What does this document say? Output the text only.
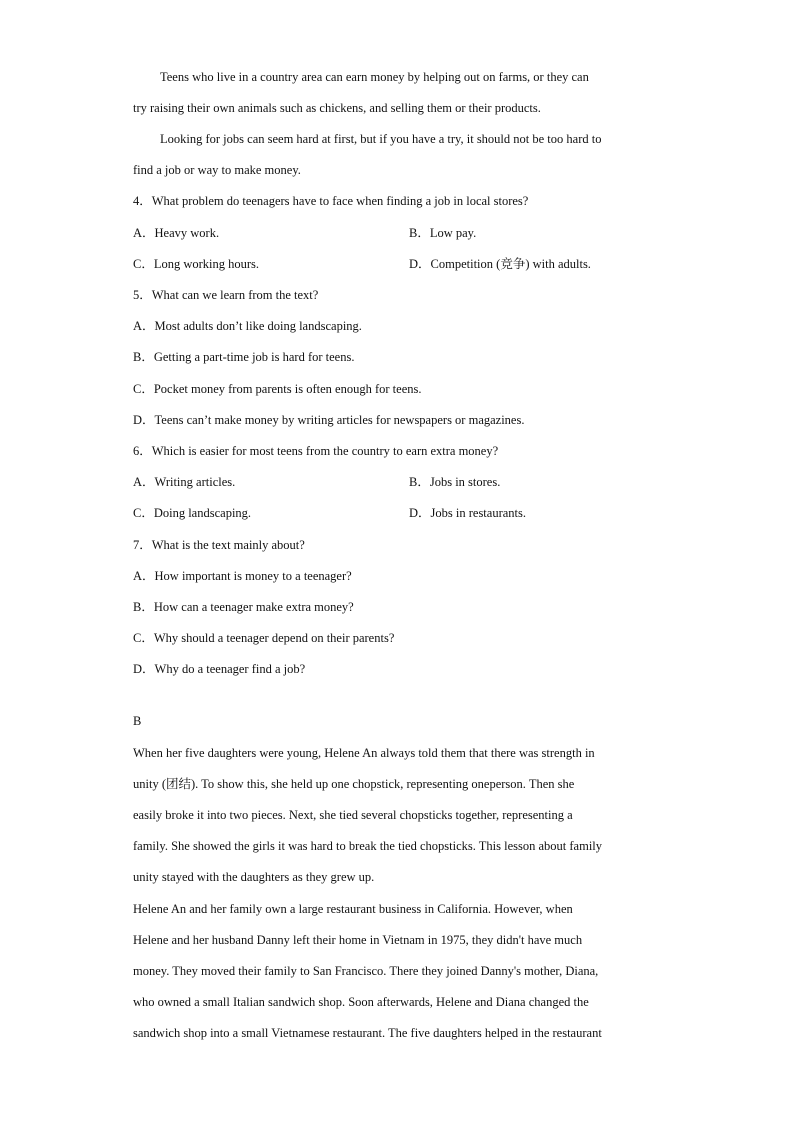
Teens who live in a country area can earn money by helping out on farms, or they can
try raising their own animals such as chickens, and selling them or their products.
Looking for jobs can seem hard at first, but if you have a try, it should not be too hard to
find a job or way to make money.
4．What problem do teenagers have to face when finding a job in local stores?
A．Heavy work.	B．Low pay.
C．Long working hours.	D．Competition (竞争) with adults.
5．What can we learn from the text?
A．Most adults don’t like doing landscaping.
B．Getting a part-time job is hard for teens.
C．Pocket money from parents is often enough for teens.
D．Teens can’t make money by writing articles for newspapers or magazines.
6．Which is easier for most teens from the country to earn extra money?
A．Writing articles.	B．Jobs in stores.
C．Doing landscaping.	D．Jobs in restaurants.
7．What is the text mainly about?
A．How important is money to a teenager?
B．How can a teenager make extra money?
C．Why should a teenager depend on their parents?
D．Why do a teenager find a job?
B
When her five daughters were young, Helene An always told them that there was strength in
unity (团结). To show this, she held up one chopstick, representing oneperson. Then she
easily broke it into two pieces. Next, she tied several chopsticks together, representing a
family. She showed the girls it was hard to break the tied chopsticks. This lesson about family
unity stayed with the daughters as they grew up.
Helene An and her family own a large restaurant business in California. However, when
Helene and her husband Danny left their home in Vietnam in 1975, they didn't have much
money. They moved their family to San Francisco. There they joined Danny's mother, Diana,
who owned a small Italian sandwich shop. Soon afterwards, Helene and Diana changed the
sandwich shop into a small Vietnamese restaurant. The five daughters helped in the restaurant
